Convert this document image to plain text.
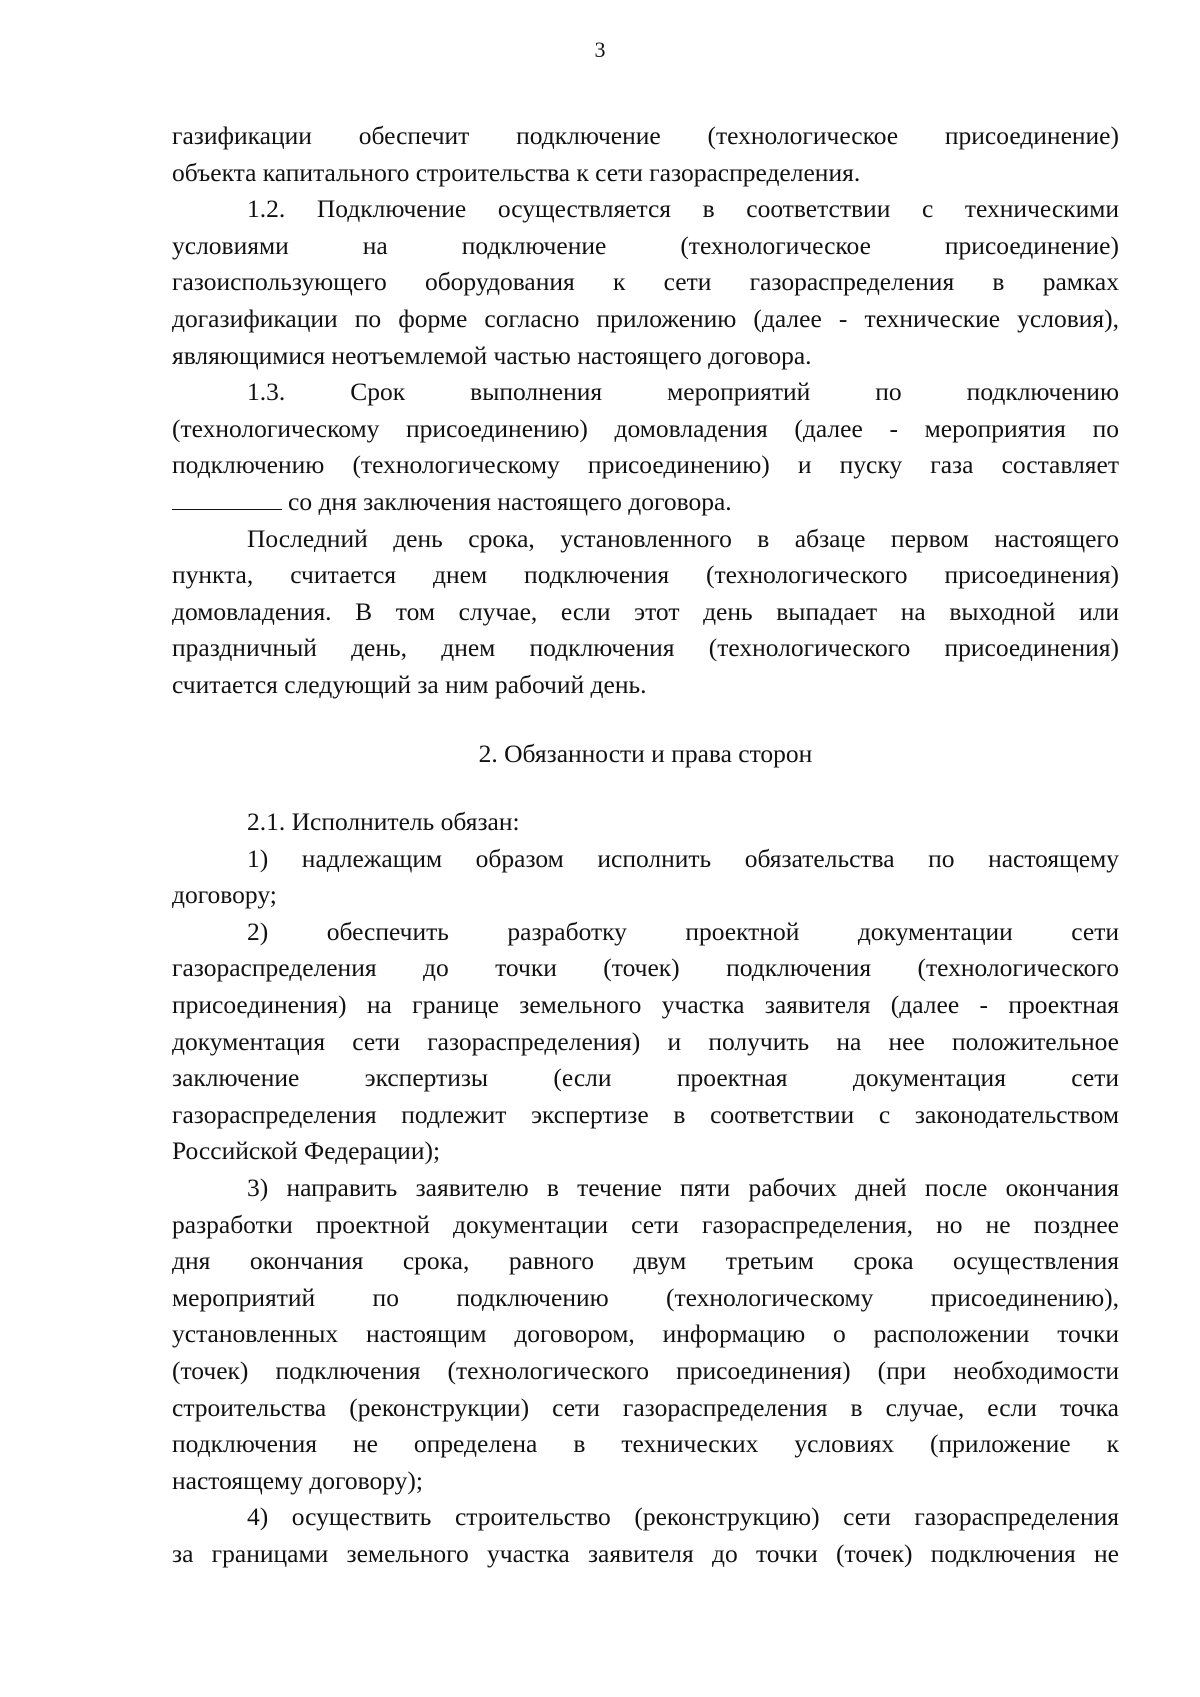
3

газификации обеспечит подключение (технологическое присоединение)

объекта капитального строительства к сети газораспределения.

1.2. Подключение осуществляется в соответствии с техническими

условиями на подключение (технологическое присоединение)

газоиспользующего оборудования к сети газораспределения в рамках

догазификации по форме согласно приложению (далее - технические условия),

являющимися неотъемлемой частью настоящего договора.

1.3. Срок выполнения мероприятий по подключению

(технологическому присоединению) домовладения (далее - мероприятия по

подключению (технологическому присоединению) и пуску газа составляет

со дня заключения настоящего договора.

Последний день срока, установленного в абзаце первом настоящего

пункта, считается днем подключения (технологического присоединения)

домовладения. В том случае, если этот день выпадает на выходной или

праздничный день, днем подключения (технологического присоединения)

считается следующий за ним рабочий день.

2. Обязанности и права сторон

2.1. Исполнитель обязан:

1) надлежащим образом исполнить обязательства по настоящему

договору;

2) обеспечить разработку проектной документации сети

газораспределения до точки (точек) подключения (технологического

присоединения) на границе земельного участка заявителя (далее - проектная

документация сети газораспределения) и получить на нее положительное

заключение экспертизы (если проектная документация сети

газораспределения подлежит экспертизе в соответствии с законодательством

Российской Федерации);

3) направить заявителю в течение пяти рабочих дней после окончания

разработки проектной документации сети газораспределения, но не позднее

дня окончания срока, равного двум третьим срока осуществления

мероприятий по подключению (технологическому присоединению),

установленных настоящим договором, информацию о расположении точки

(точек) подключения (технологического присоединения) (при необходимости

строительства (реконструкции) сети газораспределения в случае, если точка

подключения не определена в технических условиях (приложение к

настоящему договору);

4) осуществить строительство (реконструкцию) сети газораспределения

за границами земельного участка заявителя до точки (точек) подключения не
